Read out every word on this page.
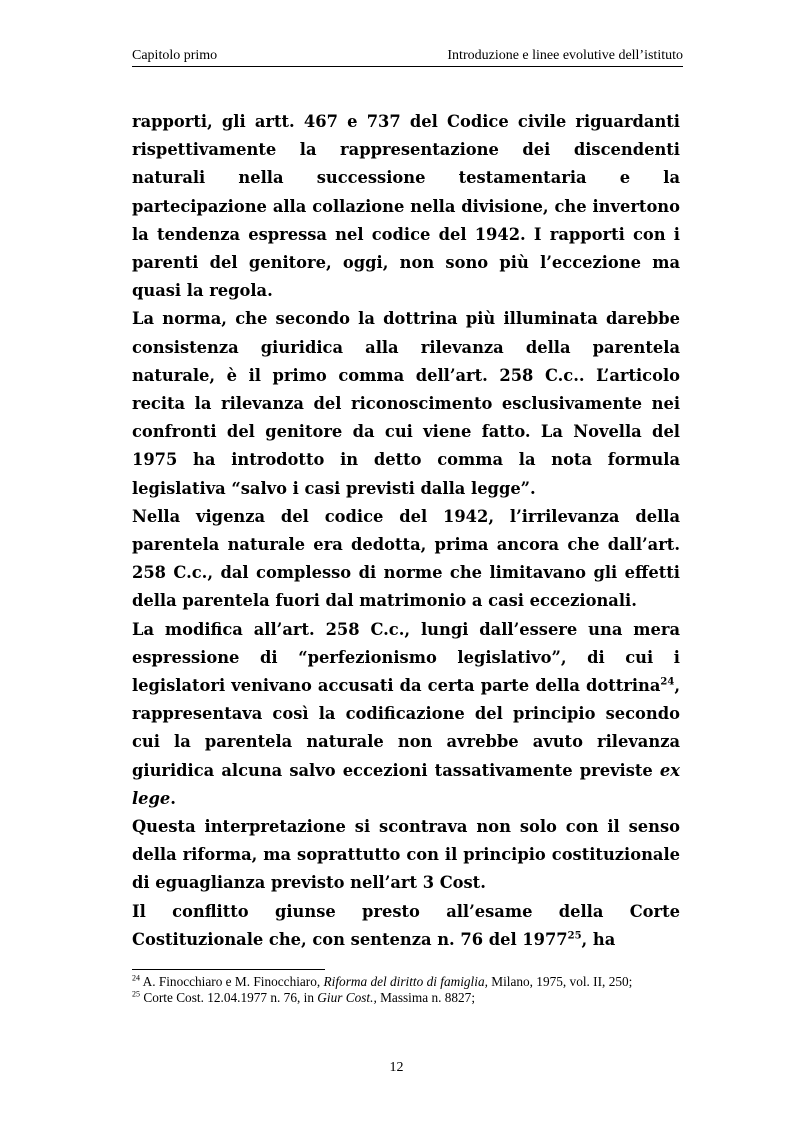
Capitolo primo	Introduzione e linee evolutive dell’istituto

rapporti, gli artt. 467 e 737 del Codice civile riguardanti rispettivamente la rappresentazione dei discendenti naturali nella successione testamentaria e la partecipazione alla collazione nella divisione, che invertono la tendenza espressa nel codice del 1942. I rapporti con i parenti del genitore, oggi, non sono più l’eccezione ma quasi la regola.

La norma, che secondo la dottrina più illuminata darebbe consistenza giuridica alla rilevanza della parentela naturale, è il primo comma dell’art. 258 C.c.. L’articolo recita la rilevanza del riconoscimento esclusivamente nei confronti del genitore da cui viene fatto. La Novella del 1975 ha introdotto in detto comma la nota formula legislativa “salvo i casi previsti dalla legge”.

Nella vigenza del codice del 1942, l’irrilevanza della parentela naturale era dedotta, prima ancora che dall’art. 258 C.c., dal complesso di norme che limitavano gli effetti della parentela fuori dal matrimonio a casi eccezionali.

La modifica all’art. 258 C.c., lungi dall’essere una mera espressione di “perfezionismo legislativo”, di cui i legislatori venivano accusati da certa parte della dottrina$^{24}$, rappresentava così la codificazione del principio secondo cui la parentela naturale non avrebbe avuto rilevanza giuridica alcuna salvo eccezioni tassativamente previste ex lege.

Questa interpretazione si scontrava non solo con il senso della riforma, ma soprattutto con il principio costituzionale di eguaglianza previsto nell’art 3 Cost.

Il conflitto giunse presto all’esame della Corte Costituzionale che, con sentenza n. 76 del 1977$^{25}$, ha

$^{24}$ A. Finocchiaro e M. Finocchiaro, Riforma del diritto di famiglia, Milano, 1975, vol. II, 250;

$^{25}$ Corte Cost. 12.04.1977 n. 76, in Giur Cost., Massima n. 8827;

12
